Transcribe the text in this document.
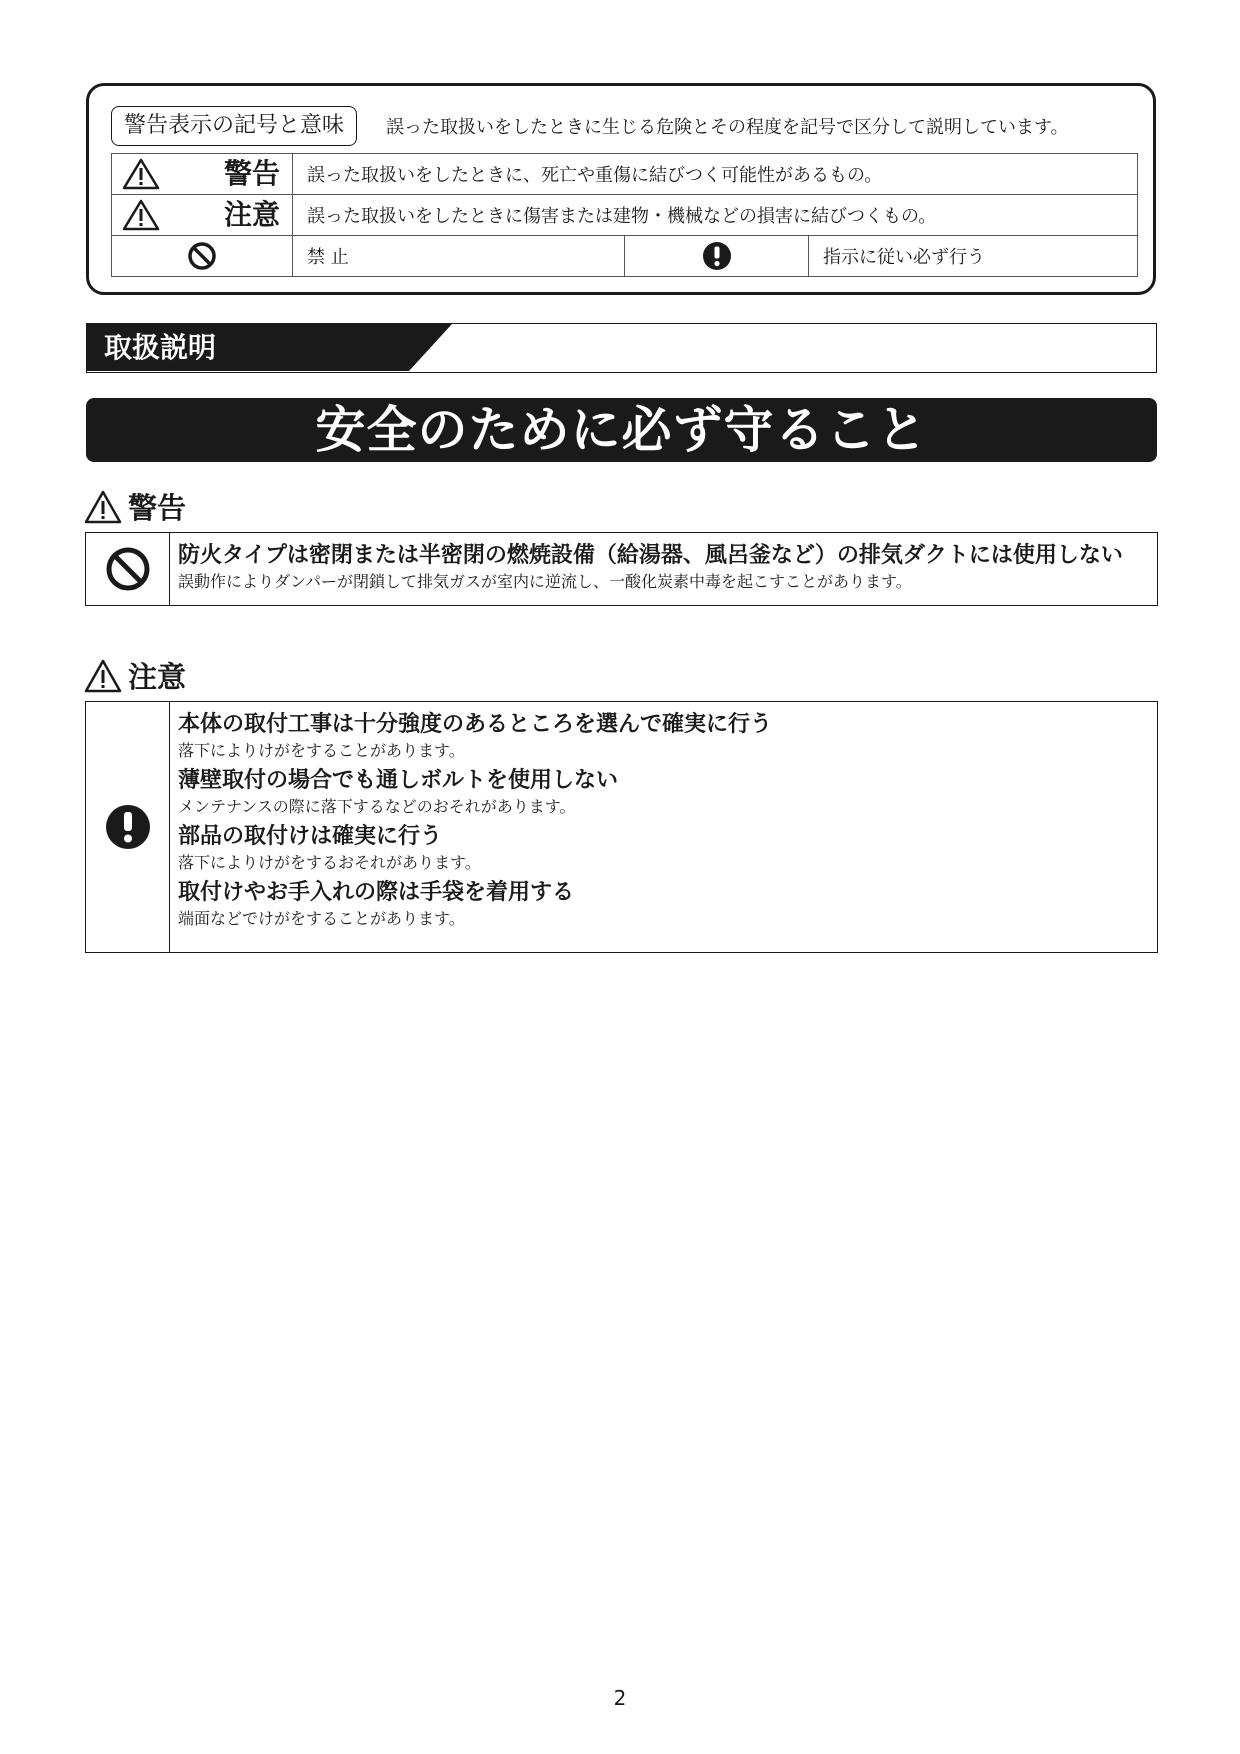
警告表示の記号と意味	誤った取扱いをしたときに生じる危険とその程度を記号で区分して説明しています。
警告	誤った取扱いをしたときに、死亡や重傷に結びつく可能性があるもの。		

注意	誤った取扱いをしたときに傷害または建物・機械などの損害に結びつくもの。		

	禁 止		指示に従い必ず行う
取扱説明
安全のために必ず守ること
警告
防火タイプは密閉または半密閉の燃焼設備（給湯器、風呂釜など）の排気ダクトには使用しない
誤動作によりダンパーが閉鎖して排気ガスが室内に逆流し、一酸化炭素中毒を起こすことがあります。
注意
本体の取付工事は十分強度のあるところを選んで確実に行う
落下によりけがをすることがあります。
薄壁取付の場合でも通しボルトを使用しない
メンテナンスの際に落下するなどのおそれがあります。
部品の取付けは確実に行う
落下によりけがをするおそれがあります。
取付けやお手入れの際は手袋を着用する
端面などでけがをすることがあります。
2
